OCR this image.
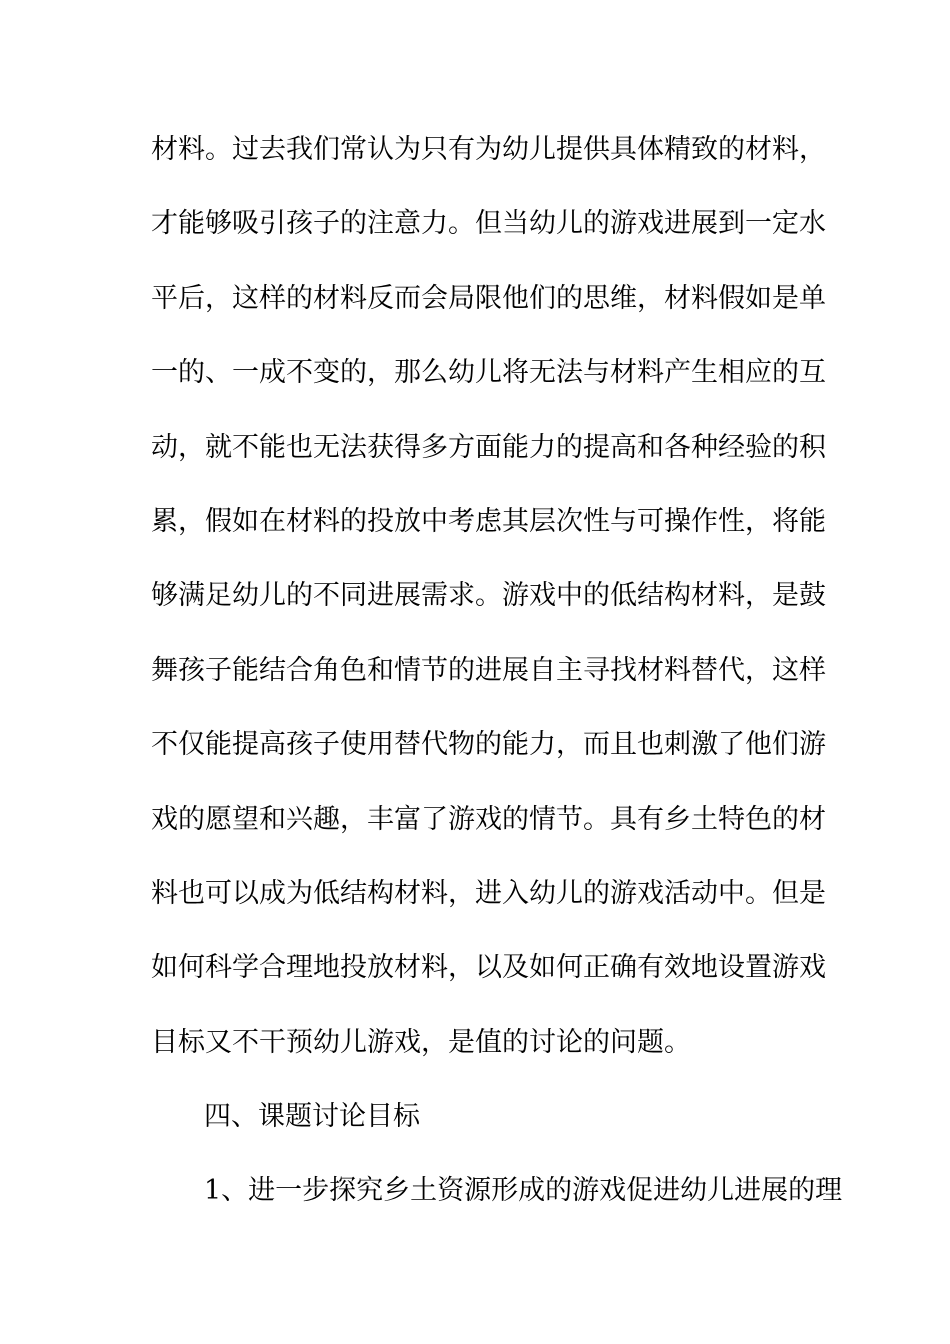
材料。过去我们常认为只有为幼儿提供具体精致的材料，
才能够吸引孩子的注意力。但当幼儿的游戏进展到一定水
平后，这样的材料反而会局限他们的思维，材料假如是单
一的、一成不变的，那么幼儿将无法与材料产生相应的互
动，就不能也无法获得多方面能力的提高和各种经验的积
累，假如在材料的投放中考虑其层次性与可操作性，将能
够满足幼儿的不同进展需求。游戏中的低结构材料，是鼓
舞孩子能结合角色和情节的进展自主寻找材料替代，这样
不仅能提高孩子使用替代物的能力，而且也刺激了他们游
戏的愿望和兴趣，丰富了游戏的情节。具有乡土特色的材
料也可以成为低结构材料，进入幼儿的游戏活动中。但是
如何科学合理地投放材料，以及如何正确有效地设置游戏
目标又不干预幼儿游戏，是值的讨论的问题。
四、课题讨论目标
1、进一步探究乡土资源形成的游戏促进幼儿进展的理
